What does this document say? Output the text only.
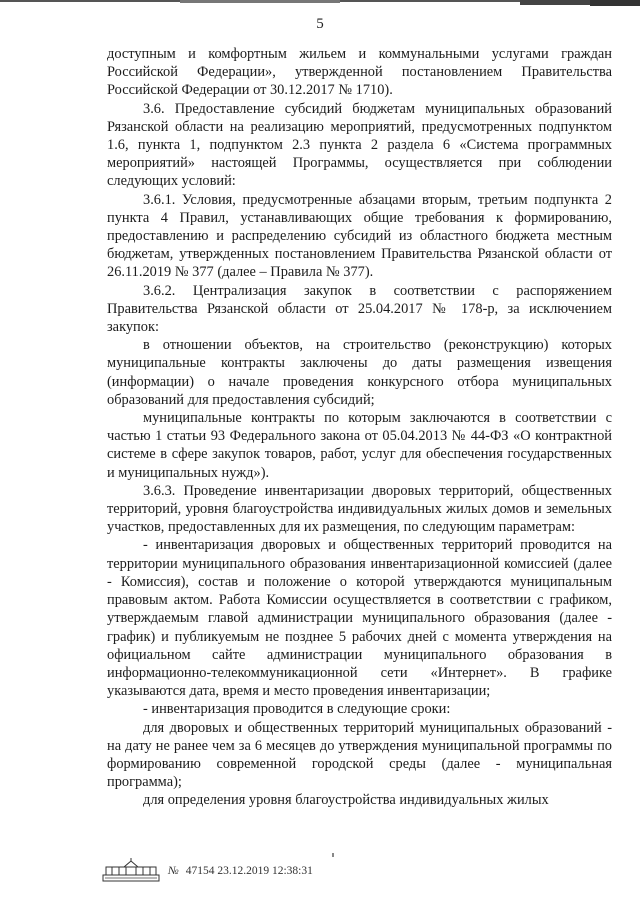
5

доступным и комфортным жильем и коммунальными услугами граждан Российской Федерации», утвержденной постановлением Правительства Российской Федерации от 30.12.2017 № 1710).

3.6. Предоставление субсидий бюджетам муниципальных образований Рязанской области на реализацию мероприятий, предусмотренных подпунктом 1.6, пункта 1, подпунктом 2.3 пункта 2 раздела 6 «Система программных мероприятий» настоящей Программы, осуществляется при соблюдении следующих условий:

3.6.1. Условия, предусмотренные абзацами вторым, третьим подпункта 2 пункта 4 Правил, устанавливающих общие требования к формированию, предоставлению и распределению субсидий из областного бюджета местным бюджетам, утвержденных постановлением Правительства Рязанской области от 26.11.2019 № 377 (далее – Правила № 377).

3.6.2. Централизация закупок в соответствии с распоряжением Правительства Рязанской области от 25.04.2017 № 178-р, за исключением закупок:

в отношении объектов, на строительство (реконструкцию) которых муниципальные контракты заключены до даты размещения извещения (информации) о начале проведения конкурсного отбора муниципальных образований для предоставления субсидий;

муниципальные контракты по которым заключаются в соответствии с частью 1 статьи 93 Федерального закона от 05.04.2013 № 44-ФЗ «О контрактной системе в сфере закупок товаров, работ, услуг для обеспечения государственных и муниципальных нужд»).

3.6.3. Проведение инвентаризации дворовых территорий, общественных территорий, уровня благоустройства индивидуальных жилых домов и земельных участков, предоставленных для их размещения, по следующим параметрам:

- инвентаризация дворовых и общественных территорий проводится на территории муниципального образования инвентаризационной комиссией (далее - Комиссия), состав и положение о которой утверждаются муниципальным правовым актом. Работа Комиссии осуществляется в соответствии с графиком, утверждаемым главой администрации муниципального образования (далее - график) и публикуемым не позднее 5 рабочих дней с момента утверждения на официальном сайте администрации муниципального образования в информационно-телекоммуникационной сети «Интернет». В графике указываются дата, время и место проведения инвентаризации;

- инвентаризация проводится в следующие сроки:

для дворовых и общественных территорий муниципальных образований - на дату не ранее чем за 6 месяцев до утверждения муниципальной программы по формированию современной городской среды (далее - муниципальная программа);

для определения уровня благоустройства индивидуальных жилых

№ 47154 23.12.2019 12:38:31
